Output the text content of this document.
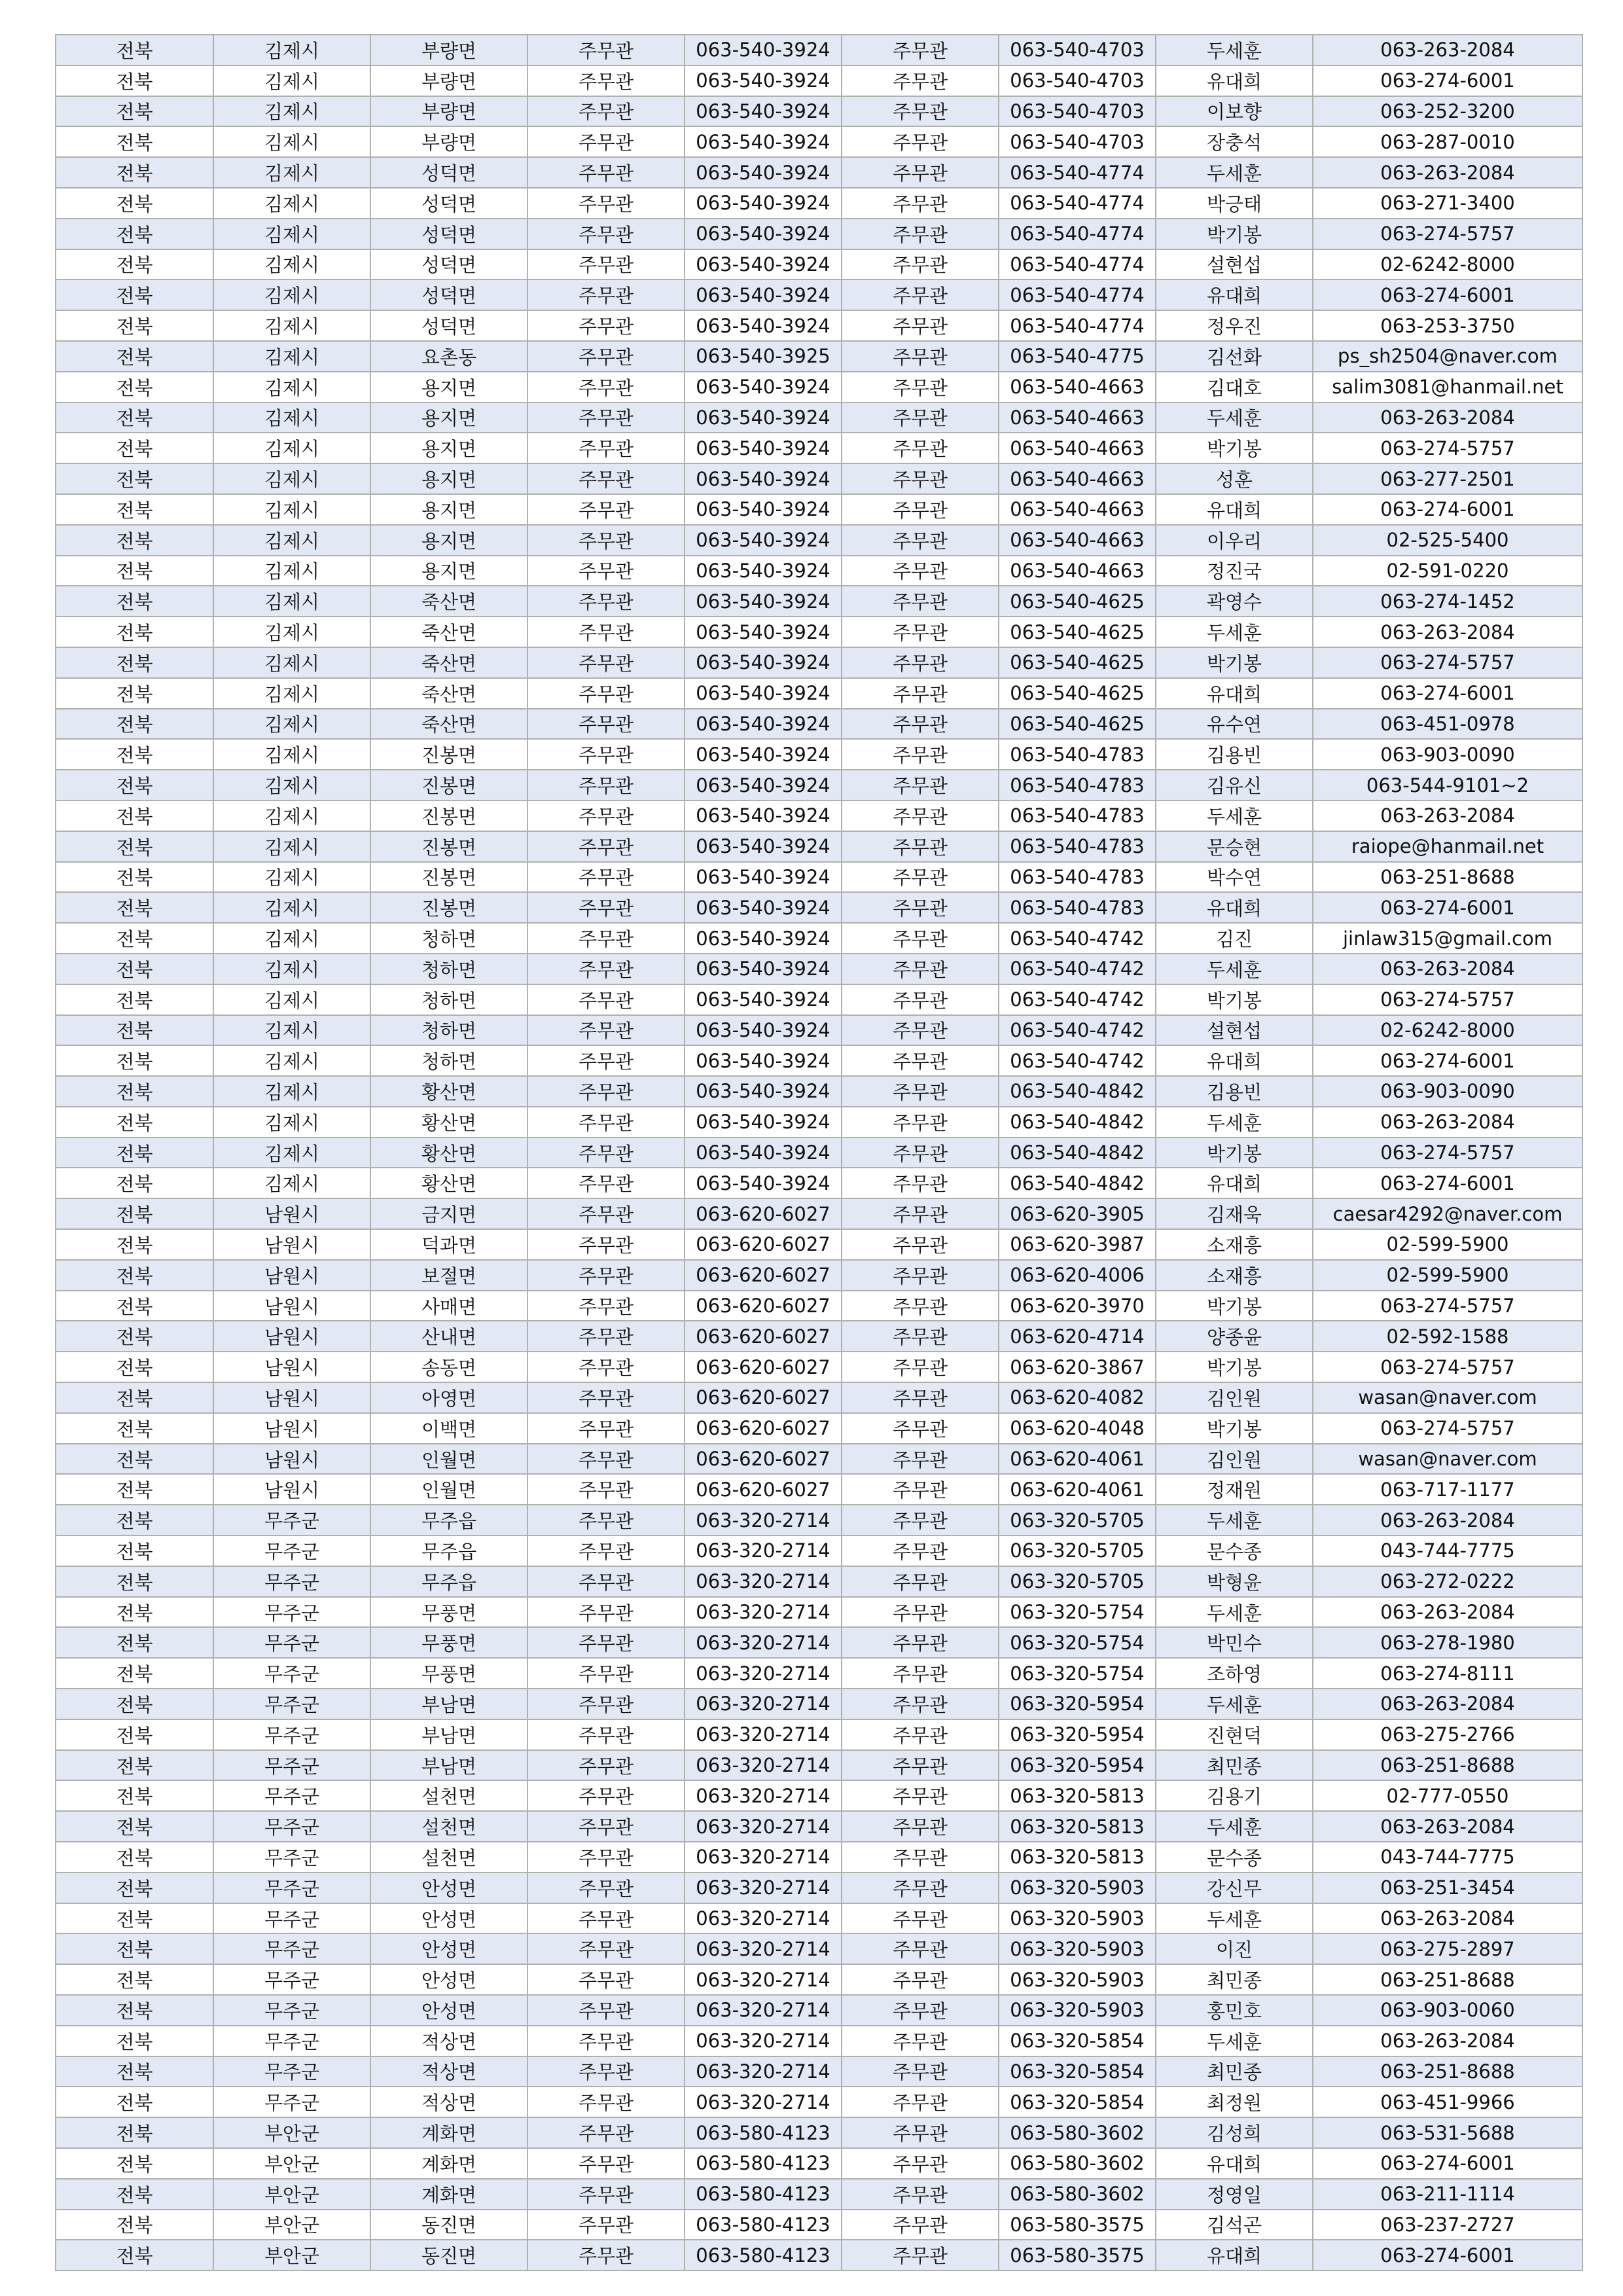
전북	김제시	부량면	주무관	063-540-3924	주무관	063-540-4703	두세훈	063-263-2084
전북	김제시	부량면	주무관	063-540-3924	주무관	063-540-4703	유대희	063-274-6001
전북	김제시	부량면	주무관	063-540-3924	주무관	063-540-4703	이보향	063-252-3200
전북	김제시	부량면	주무관	063-540-3924	주무관	063-540-4703	장충석	063-287-0010
전북	김제시	성덕면	주무관	063-540-3924	주무관	063-540-4774	두세훈	063-263-2084
전북	김제시	성덕면	주무관	063-540-3924	주무관	063-540-4774	박긍태	063-271-3400
전북	김제시	성덕면	주무관	063-540-3924	주무관	063-540-4774	박기봉	063-274-5757
전북	김제시	성덕면	주무관	063-540-3924	주무관	063-540-4774	설현섭	02-6242-8000
전북	김제시	성덕면	주무관	063-540-3924	주무관	063-540-4774	유대희	063-274-6001
전북	김제시	성덕면	주무관	063-540-3924	주무관	063-540-4774	정우진	063-253-3750
전북	김제시	요촌동	주무관	063-540-3925	주무관	063-540-4775	김선화	ps_sh2504@naver.com
전북	김제시	용지면	주무관	063-540-3924	주무관	063-540-4663	김대호	salim3081@hanmail.net
전북	김제시	용지면	주무관	063-540-3924	주무관	063-540-4663	두세훈	063-263-2084
전북	김제시	용지면	주무관	063-540-3924	주무관	063-540-4663	박기봉	063-274-5757
전북	김제시	용지면	주무관	063-540-3924	주무관	063-540-4663	성훈	063-277-2501
전북	김제시	용지면	주무관	063-540-3924	주무관	063-540-4663	유대희	063-274-6001
전북	김제시	용지면	주무관	063-540-3924	주무관	063-540-4663	이우리	02-525-5400
전북	김제시	용지면	주무관	063-540-3924	주무관	063-540-4663	정진국	02-591-0220
전북	김제시	죽산면	주무관	063-540-3924	주무관	063-540-4625	곽영수	063-274-1452
전북	김제시	죽산면	주무관	063-540-3924	주무관	063-540-4625	두세훈	063-263-2084
전북	김제시	죽산면	주무관	063-540-3924	주무관	063-540-4625	박기봉	063-274-5757
전북	김제시	죽산면	주무관	063-540-3924	주무관	063-540-4625	유대희	063-274-6001
전북	김제시	죽산면	주무관	063-540-3924	주무관	063-540-4625	유수연	063-451-0978
전북	김제시	진봉면	주무관	063-540-3924	주무관	063-540-4783	김용빈	063-903-0090
전북	김제시	진봉면	주무관	063-540-3924	주무관	063-540-4783	김유신	063-544-9101~2
전북	김제시	진봉면	주무관	063-540-3924	주무관	063-540-4783	두세훈	063-263-2084
전북	김제시	진봉면	주무관	063-540-3924	주무관	063-540-4783	문승현	raiope@hanmail.net
전북	김제시	진봉면	주무관	063-540-3924	주무관	063-540-4783	박수연	063-251-8688
전북	김제시	진봉면	주무관	063-540-3924	주무관	063-540-4783	유대희	063-274-6001
전북	김제시	청하면	주무관	063-540-3924	주무관	063-540-4742	김진	jinlaw315@gmail.com
전북	김제시	청하면	주무관	063-540-3924	주무관	063-540-4742	두세훈	063-263-2084
전북	김제시	청하면	주무관	063-540-3924	주무관	063-540-4742	박기봉	063-274-5757
전북	김제시	청하면	주무관	063-540-3924	주무관	063-540-4742	설현섭	02-6242-8000
전북	김제시	청하면	주무관	063-540-3924	주무관	063-540-4742	유대희	063-274-6001
전북	김제시	황산면	주무관	063-540-3924	주무관	063-540-4842	김용빈	063-903-0090
전북	김제시	황산면	주무관	063-540-3924	주무관	063-540-4842	두세훈	063-263-2084
전북	김제시	황산면	주무관	063-540-3924	주무관	063-540-4842	박기봉	063-274-5757
전북	김제시	황산면	주무관	063-540-3924	주무관	063-540-4842	유대희	063-274-6001
전북	남원시	금지면	주무관	063-620-6027	주무관	063-620-3905	김재욱	caesar4292@naver.com
전북	남원시	덕과면	주무관	063-620-6027	주무관	063-620-3987	소재흥	02-599-5900
전북	남원시	보절면	주무관	063-620-6027	주무관	063-620-4006	소재흥	02-599-5900
전북	남원시	사매면	주무관	063-620-6027	주무관	063-620-3970	박기봉	063-274-5757
전북	남원시	산내면	주무관	063-620-6027	주무관	063-620-4714	양종윤	02-592-1588
전북	남원시	송동면	주무관	063-620-6027	주무관	063-620-3867	박기봉	063-274-5757
전북	남원시	아영면	주무관	063-620-6027	주무관	063-620-4082	김인원	wasan@naver.com
전북	남원시	이백면	주무관	063-620-6027	주무관	063-620-4048	박기봉	063-274-5757
전북	남원시	인월면	주무관	063-620-6027	주무관	063-620-4061	김인원	wasan@naver.com
전북	남원시	인월면	주무관	063-620-6027	주무관	063-620-4061	정재원	063-717-1177
전북	무주군	무주읍	주무관	063-320-2714	주무관	063-320-5705	두세훈	063-263-2084
전북	무주군	무주읍	주무관	063-320-2714	주무관	063-320-5705	문수종	043-744-7775
전북	무주군	무주읍	주무관	063-320-2714	주무관	063-320-5705	박형윤	063-272-0222
전북	무주군	무풍면	주무관	063-320-2714	주무관	063-320-5754	두세훈	063-263-2084
전북	무주군	무풍면	주무관	063-320-2714	주무관	063-320-5754	박민수	063-278-1980
전북	무주군	무풍면	주무관	063-320-2714	주무관	063-320-5754	조하영	063-274-8111
전북	무주군	부남면	주무관	063-320-2714	주무관	063-320-5954	두세훈	063-263-2084
전북	무주군	부남면	주무관	063-320-2714	주무관	063-320-5954	진현덕	063-275-2766
전북	무주군	부남면	주무관	063-320-2714	주무관	063-320-5954	최민종	063-251-8688
전북	무주군	설천면	주무관	063-320-2714	주무관	063-320-5813	김용기	02-777-0550
전북	무주군	설천면	주무관	063-320-2714	주무관	063-320-5813	두세훈	063-263-2084
전북	무주군	설천면	주무관	063-320-2714	주무관	063-320-5813	문수종	043-744-7775
전북	무주군	안성면	주무관	063-320-2714	주무관	063-320-5903	강신무	063-251-3454
전북	무주군	안성면	주무관	063-320-2714	주무관	063-320-5903	두세훈	063-263-2084
전북	무주군	안성면	주무관	063-320-2714	주무관	063-320-5903	이진	063-275-2897
전북	무주군	안성면	주무관	063-320-2714	주무관	063-320-5903	최민종	063-251-8688
전북	무주군	안성면	주무관	063-320-2714	주무관	063-320-5903	홍민호	063-903-0060
전북	무주군	적상면	주무관	063-320-2714	주무관	063-320-5854	두세훈	063-263-2084
전북	무주군	적상면	주무관	063-320-2714	주무관	063-320-5854	최민종	063-251-8688
전북	무주군	적상면	주무관	063-320-2714	주무관	063-320-5854	최정원	063-451-9966
전북	부안군	계화면	주무관	063-580-4123	주무관	063-580-3602	김성희	063-531-5688
전북	부안군	계화면	주무관	063-580-4123	주무관	063-580-3602	유대희	063-274-6001
전북	부안군	계화면	주무관	063-580-4123	주무관	063-580-3602	정영일	063-211-1114
전북	부안군	동진면	주무관	063-580-4123	주무관	063-580-3575	김석곤	063-237-2727
전북	부안군	동진면	주무관	063-580-4123	주무관	063-580-3575	유대희	063-274-6001
